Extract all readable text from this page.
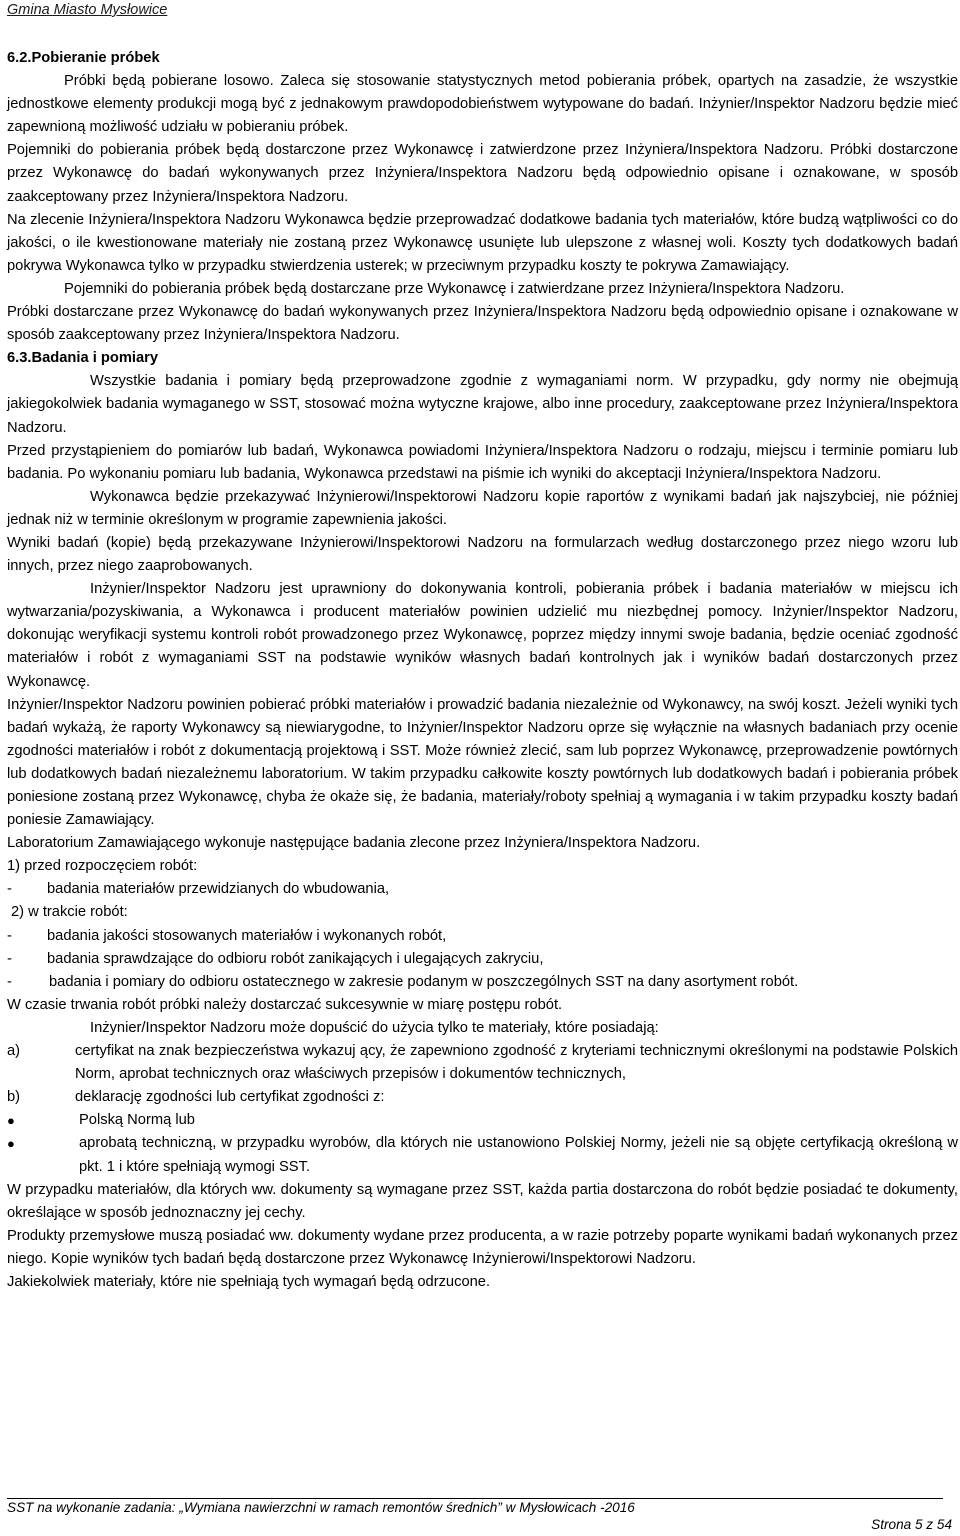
Gmina Miasto Mysłowice

6.2.Pobieranie próbek

Próbki będą pobierane losowo. Zaleca się stosowanie statystycznych metod pobierania próbek, opartych na zasadzie, że wszystkie jednostkowe elementy produkcji mogą być z jednakowym prawdopodobieństwem wytypowane do badań. Inżynier/Inspektor Nadzoru będzie mieć zapewnioną możliwość udziału w pobieraniu próbek.

Pojemniki do pobierania próbek będą dostarczone przez Wykonawcę i zatwierdzone przez Inżyniera/Inspektora Nadzoru. Próbki dostarczone przez Wykonawcę do badań wykonywanych przez Inżyniera/Inspektora Nadzoru będą odpowiednio opisane i oznakowane, w sposób zaakceptowany przez Inżyniera/Inspektora Nadzoru.

Na zlecenie Inżyniera/Inspektora Nadzoru Wykonawca będzie przeprowadzać dodatkowe badania tych materiałów, które budzą wątpliwości co do jakości, o ile kwestionowane materiały nie zostaną przez Wykonawcę usunięte lub ulepszone z własnej woli. Koszty tych dodatkowych badań pokrywa Wykonawca tylko w przypadku stwierdzenia usterek; w przeciwnym przypadku koszty te pokrywa Zamawiający.

Pojemniki do pobierania próbek będą dostarczane prze Wykonawcę i zatwierdzane przez Inżyniera/Inspektora Nadzoru.

Próbki dostarczane przez Wykonawcę do badań wykonywanych przez Inżyniera/Inspektora Nadzoru będą odpowiednio opisane i oznakowane w sposób zaakceptowany przez Inżyniera/Inspektora Nadzoru.

6.3.Badania i pomiary

Wszystkie badania i pomiary będą przeprowadzone zgodnie z wymaganiami norm. W przypadku, gdy normy nie obejmują jakiegokolwiek badania wymaganego w SST, stosować można wytyczne krajowe, albo inne procedury, zaakceptowane przez Inżyniera/Inspektora Nadzoru.

Przed przystąpieniem do pomiarów lub badań, Wykonawca powiadomi Inżyniera/Inspektora Nadzoru o rodzaju, miejscu i terminie pomiaru lub badania. Po wykonaniu pomiaru lub badania, Wykonawca przedstawi na piśmie ich wyniki do akceptacji Inżyniera/Inspektora Nadzoru.

Wykonawca będzie przekazywać Inżynierowi/Inspektorowi Nadzoru kopie raportów z wynikami badań jak najszybciej, nie później jednak niż w terminie określonym w programie zapewnienia jakości.

Wyniki badań (kopie) będą przekazywane Inżynierowi/Inspektorowi Nadzoru na formularzach według dostarczonego przez niego wzoru lub innych, przez niego zaaprobowanych.

Inżynier/Inspektor Nadzoru jest uprawniony do dokonywania kontroli, pobierania próbek i badania materiałów w miejscu ich wytwarzania/pozyskiwania, a Wykonawca i producent materiałów powinien udzielić mu niezbędnej pomocy. Inżynier/Inspektor Nadzoru, dokonując weryfikacji systemu kontroli robót prowadzonego przez Wykonawcę, poprzez między innymi swoje badania, będzie oceniać zgodność materiałów i robót z wymaganiami SST na podstawie wyników własnych badań kontrolnych jak i wyników badań dostarczonych przez Wykonawcę.

Inżynier/Inspektor Nadzoru powinien pobierać próbki materiałów i prowadzić badania niezależnie od Wykonawcy, na swój koszt. Jeżeli wyniki tych badań wykażą, że raporty Wykonawcy są niewiarygodne, to Inżynier/Inspektor Nadzoru oprze się wyłącznie na własnych badaniach przy ocenie zgodności materiałów i robót z dokumentacją projektową i SST. Może również zlecić, sam lub poprzez Wykonawcę, przeprowadzenie powtórnych lub dodatkowych badań niezależnemu laboratorium. W takim przypadku całkowite koszty powtórnych lub dodatkowych badań i pobierania próbek poniesione zostaną przez Wykonawcę, chyba że okaże się, że badania, materiały/roboty spełniaj ą wymagania i w takim przypadku koszty badań poniesie Zamawiający.

Laboratorium Zamawiającego wykonuje następujące badania zlecone przez Inżyniera/Inspektora Nadzoru.

1) przed rozpoczęciem robót:

-	badania materiałów przewidzianych do wbudowania,

2) w trakcie robót:

-	badania jakości stosowanych materiałów i wykonanych robót,
-	badania sprawdzające do odbioru robót zanikających i ulegających zakryciu,
-	badania i pomiary do odbioru ostatecznego w zakresie podanym w poszczególnych SST na dany asortyment robót.

W czasie trwania robót próbki należy dostarczać sukcesywnie w miarę postępu robót.

Inżynier/Inspektor Nadzoru może dopuścić do użycia tylko te materiały, które posiadają:

a)	certyfikat na znak bezpieczeństwa wykazuj ący, że zapewniono zgodność z kryteriami technicznymi określonymi na podstawie Polskich Norm, aprobat technicznych oraz właściwych przepisów i dokumentów technicznych,
b)	deklarację zgodności lub certyfikat zgodności z:
●	Polską Normą lub
●	aprobatą techniczną, w przypadku wyrobów, dla których nie ustanowiono Polskiej Normy, jeżeli nie są objęte certyfikacją określoną w pkt. 1 i które spełniają wymogi SST.

W przypadku materiałów, dla których ww. dokumenty są wymagane przez SST, każda partia dostarczona do robót będzie posiadać te dokumenty, określające w sposób jednoznaczny jej cechy.

Produkty przemysłowe muszą posiadać ww. dokumenty wydane przez producenta, a w razie potrzeby poparte wynikami badań wykonanych przez niego. Kopie wyników tych badań będą dostarczone przez Wykonawcę Inżynierowi/Inspektorowi Nadzoru.

Jakiekolwiek materiały, które nie spełniają tych wymagań będą odrzucone.

SST na wykonanie zadania: „Wymiana nawierzchni w ramach remontów średnich” w Mysłowicach -2016
Strona 5 z 54
